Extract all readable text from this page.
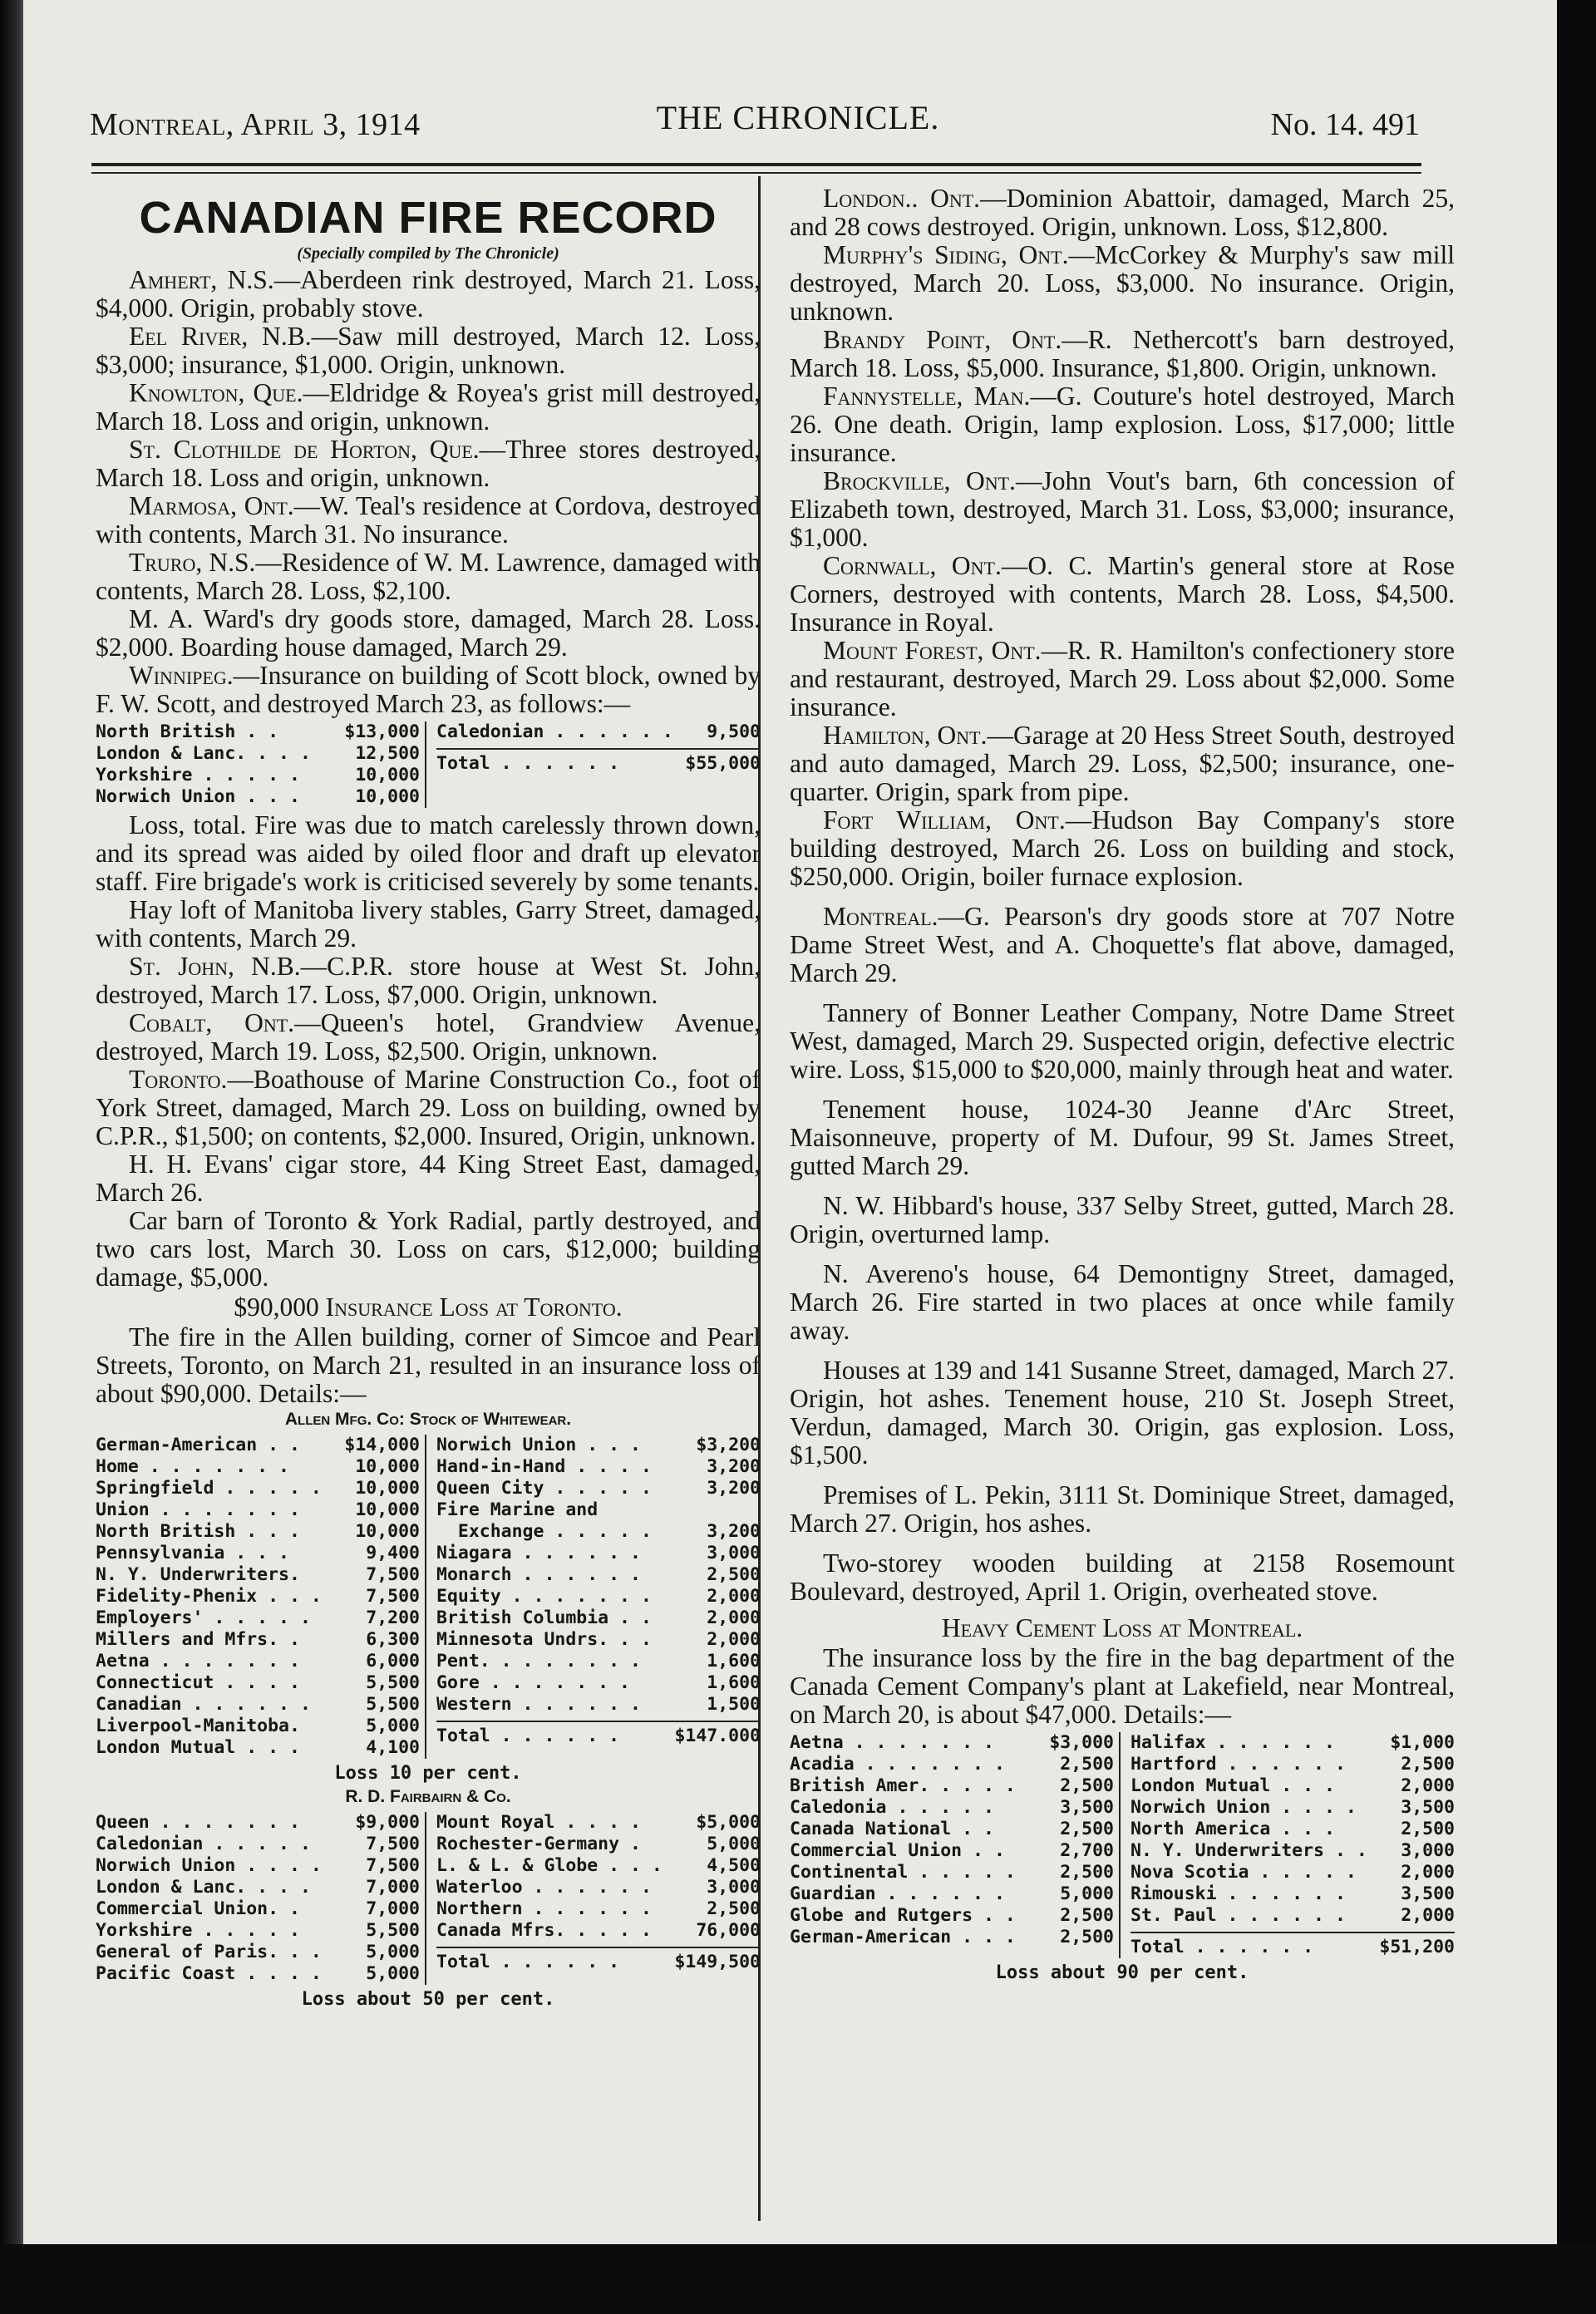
Montreal, April 3, 1914	THE CHRONICLE.	No. 14. 491
CANADIAN FIRE RECORD
(Specially compiled by The Chronicle)

Amhert, N.S.—Aberdeen rink destroyed, March 21. Loss, $4,000. Origin, probably stove.

Eel River, N.B.—Saw mill destroyed, March 12. Loss, $3,000; insurance, $1,000. Origin, unknown.

Knowlton, Que.—Eldridge & Royea's grist mill destroyed, March 18. Loss and origin, unknown.

St. Clothilde de Horton, Que.—Three stores destroyed, March 18. Loss and origin, unknown.

Marmosa, Ont.—W. Teal's residence at Cordova, destroyed with contents, March 31. No insurance.

Truro, N.S.—Residence of W. M. Lawrence, damaged with contents, March 28. Loss, $2,100.

M. A. Ward's dry goods store, damaged, March 28. Loss. $2,000. Boarding house damaged, March 29.

Winnipeg.—Insurance on building of Scott block, owned by F. W. Scott, and destroyed March 23, as follows:—

North British . .	$13,000
London & Lanc. . . . 12,500
Yorkshire . . . . .	10,000
Norwich Union . . .	10,000
Caledonian . . . . . . 9,500
Total . . . . . .	$55,000

Loss, total. Fire was due to match carelessly thrown down, and its spread was aided by oiled floor and draft up elevator staff. Fire brigade's work is criticised severely by some tenants.

Hay loft of Manitoba livery stables, Garry Street, damaged, with contents, March 29.

St. John, N.B.—C.P.R. store house at West St. John, destroyed, March 17. Loss, $7,000. Origin, unknown.

Cobalt, Ont.—Queen's hotel, Grandview Avenue, destroyed, March 19. Loss, $2,500. Origin, unknown.

Toronto.—Boathouse of Marine Construction Co., foot of York Street, damaged, March 29. Loss on building, owned by C.P.R., $1,500; on contents, $2,000. Insured, Origin, unknown.

H. H. Evans' cigar store, 44 King Street East, damaged, March 26.

Car barn of Toronto & York Radial, partly destroyed, and two cars lost, March 30. Loss on cars, $12,000; building damage, $5,000.

$90,000 Insurance Loss at Toronto.

The fire in the Allen building, corner of Simcoe and Pearl Streets, Toronto, on March 21, resulted in an insurance loss of about $90,000. Details:—

Allen Mfg. Co: Stock of Whitewear.
German-American . . $14,000
Home . . . . . . .	10,000
Springfield . . . . . 10,000
Union . . . . . . .	10,000
North British . . .	10,000
Pennsylvania . . .	9,400
N. Y. Underwriters.	7,500
Fidelity-Phenix . . . 7,500
Employers' . . . . .	7,200
Millers and Mfrs. .	6,300
Aetna . . . . . . .	6,000
Connecticut . . . .	5,500
Canadian . . . . . .	5,500
Liverpool-Manitoba.	5,000
London Mutual . . .	4,100
Norwich Union . . .	$3,200
Hand-in-Hand . . . .	3,200
Queen City . . . . .	3,200
Fire Marine and
Exchange . . . . .	3,200
Niagara . . . . . .	3,000
Monarch . . . . . .	2,500
Equity . . . . . . .	2,000
British Columbia . .	2,000
Minnesota Undrs. . .	2,000
Pent. . . . . . . .	1,600
Gore . . . . . . .	1,600
Western . . . . . .	1,500
Total . . . . . .	$147.000
Loss 10 per cent.
R. D. Fairbairn & Co.
Queen . . . . . . .	$9,000
Caledonian . . . . .	7,500
Norwich Union . . . . 7,500
London & Lanc. . . .	7,000
Commercial Union. .	7,000
Yorkshire . . . . .	5,500
General of Paris. . . 5,000
Pacific Coast . . . . 5,000
Mount Royal . . . .	$5,000
Rochester-Germany .	5,000
L. & L. & Globe . . . 4,500
Waterloo . . . . . .	3,000
Northern . . . . . .	2,500
Canada Mfrs. . . . . 76,000
Total . . . . . .	$149,500
Loss about 50 per cent.

London.. Ont.—Dominion Abattoir, damaged, March 25, and 28 cows destroyed. Origin, unknown. Loss, $12,800.

Murphy's Siding, Ont.—McCorkey & Murphy's saw mill destroyed, March 20. Loss, $3,000. No insurance. Origin, unknown.

Brandy Point, Ont.—R. Nethercott's barn destroyed, March 18. Loss, $5,000. Insurance, $1,800. Origin, unknown.

Fannystelle, Man.—G. Couture's hotel destroyed, March 26. One death. Origin, lamp explosion. Loss, $17,000; little insurance.

Brockville, Ont.—John Vout's barn, 6th concession of Elizabeth town, destroyed, March 31. Loss, $3,000; insurance, $1,000.

Cornwall, Ont.—O. C. Martin's general store at Rose Corners, destroyed with contents, March 28. Loss, $4,500. Insurance in Royal.

Mount Forest, Ont.—R. R. Hamilton's confectionery store and restaurant, destroyed, March 29. Loss about $2,000. Some insurance.

Hamilton, Ont.—Garage at 20 Hess Street South, destroyed and auto damaged, March 29. Loss, $2,500; insurance, one-quarter. Origin, spark from pipe.

Fort William, Ont.—Hudson Bay Company's store building destroyed, March 26. Loss on building and stock, $250,000. Origin, boiler furnace explosion.

Montreal.—G. Pearson's dry goods store at 707 Notre Dame Street West, and A. Choquette's flat above, damaged, March 29.

Tannery of Bonner Leather Company, Notre Dame Street West, damaged, March 29. Suspected origin, defective electric wire. Loss, $15,000 to $20,000, mainly through heat and water.

Tenement house, 1024-30 Jeanne d'Arc Street, Maisonneuve, property of M. Dufour, 99 St. James Street, gutted March 29.

N. W. Hibbard's house, 337 Selby Street, gutted, March 28. Origin, overturned lamp.

N. Avereno's house, 64 Demontigny Street, damaged, March 26. Fire started in two places at once while family away.

Houses at 139 and 141 Susanne Street, damaged, March 27. Origin, hot ashes. Tenement house, 210 St. Joseph Street, Verdun, damaged, March 30. Origin, gas explosion. Loss, $1,500.

Premises of L. Pekin, 3111 St. Dominique Street, damaged, March 27. Origin, hos ashes.

Two-storey wooden building at 2158 Rosemount Boulevard, destroyed, April 1. Origin, overheated stove.

Heavy Cement Loss at Montreal.

The insurance loss by the fire in the bag department of the Canada Cement Company's plant at Lakefield, near Montreal, on March 20, is about $47,000. Details:—

Aetna . . . . . . .	$3,000
Acadia . . . . . . .	2,500
British Amer. . . . . 2,500
Caledonia . . . . .	3,500
Canada National . .	2,500
Commercial Union . .	2,700
Continental . . . . . 2,500
Guardian . . . . . .	5,000
Globe and Rutgers . . 2,500
German-American . . . 2,500
Halifax . . . . . .	$1,000
Hartford . . . . . .	2,500
London Mutual . . .	2,000
Norwich Union . . . . 3,500
North America . . .	2,500
N. Y. Underwriters . . 3,000
Nova Scotia . . . . . 2,000
Rimouski . . . . . .	3,500
St. Paul . . . . . .	2,000
Total . . . . . .	$51,200
Loss about 90 per cent.
